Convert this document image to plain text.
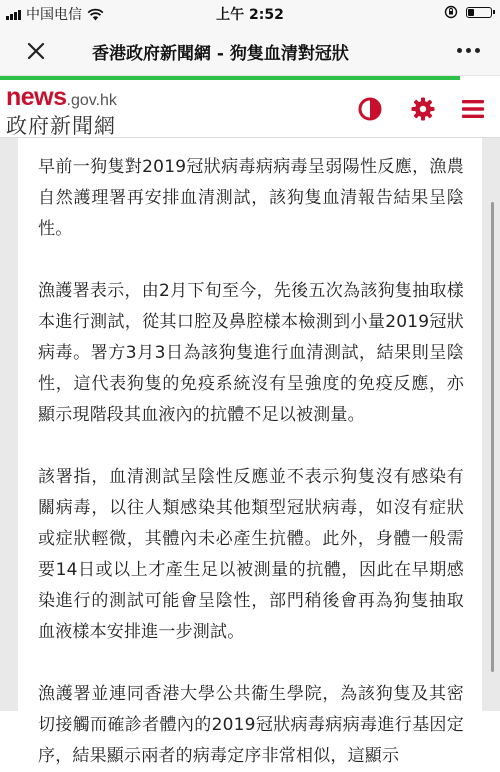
中国电信	上午 2:52
香港政府新聞網 - 狗隻血清對冠狀
news.gov.hk
政府新聞網

早前一狗隻對2019冠狀病毒病病毒呈弱陽性反應，漁農自然護理署再安排血清測試，該狗隻血清報告結果呈陰性。

漁護署表示，由2月下旬至今，先後五次為該狗隻抽取樣本進行測試，從其口腔及鼻腔樣本檢測到小量2019冠狀病毒。署方3月3日為該狗隻進行血清測試，結果則呈陰性，這代表狗隻的免疫系統沒有呈強度的免疫反應，亦顯示現階段其血液內的抗體不足以被測量。

該署指，血清測試呈陰性反應並不表示狗隻沒有感染有關病毒，以往人類感染其他類型冠狀病毒，如沒有症狀或症狀輕微，其體內未必產生抗體。此外，身體一般需要14日或以上才產生足以被測量的抗體，因此在早期感染進行的測試可能會呈陰性，部門稍後會再為狗隻抽取血液樣本安排進一步測試。

漁護署並連同香港大學公共衞生學院，為該狗隻及其密切接觸而確診者體內的2019冠狀病毒病病毒進行基因定序，結果顯示兩者的病毒定序非常相似，這顯示
